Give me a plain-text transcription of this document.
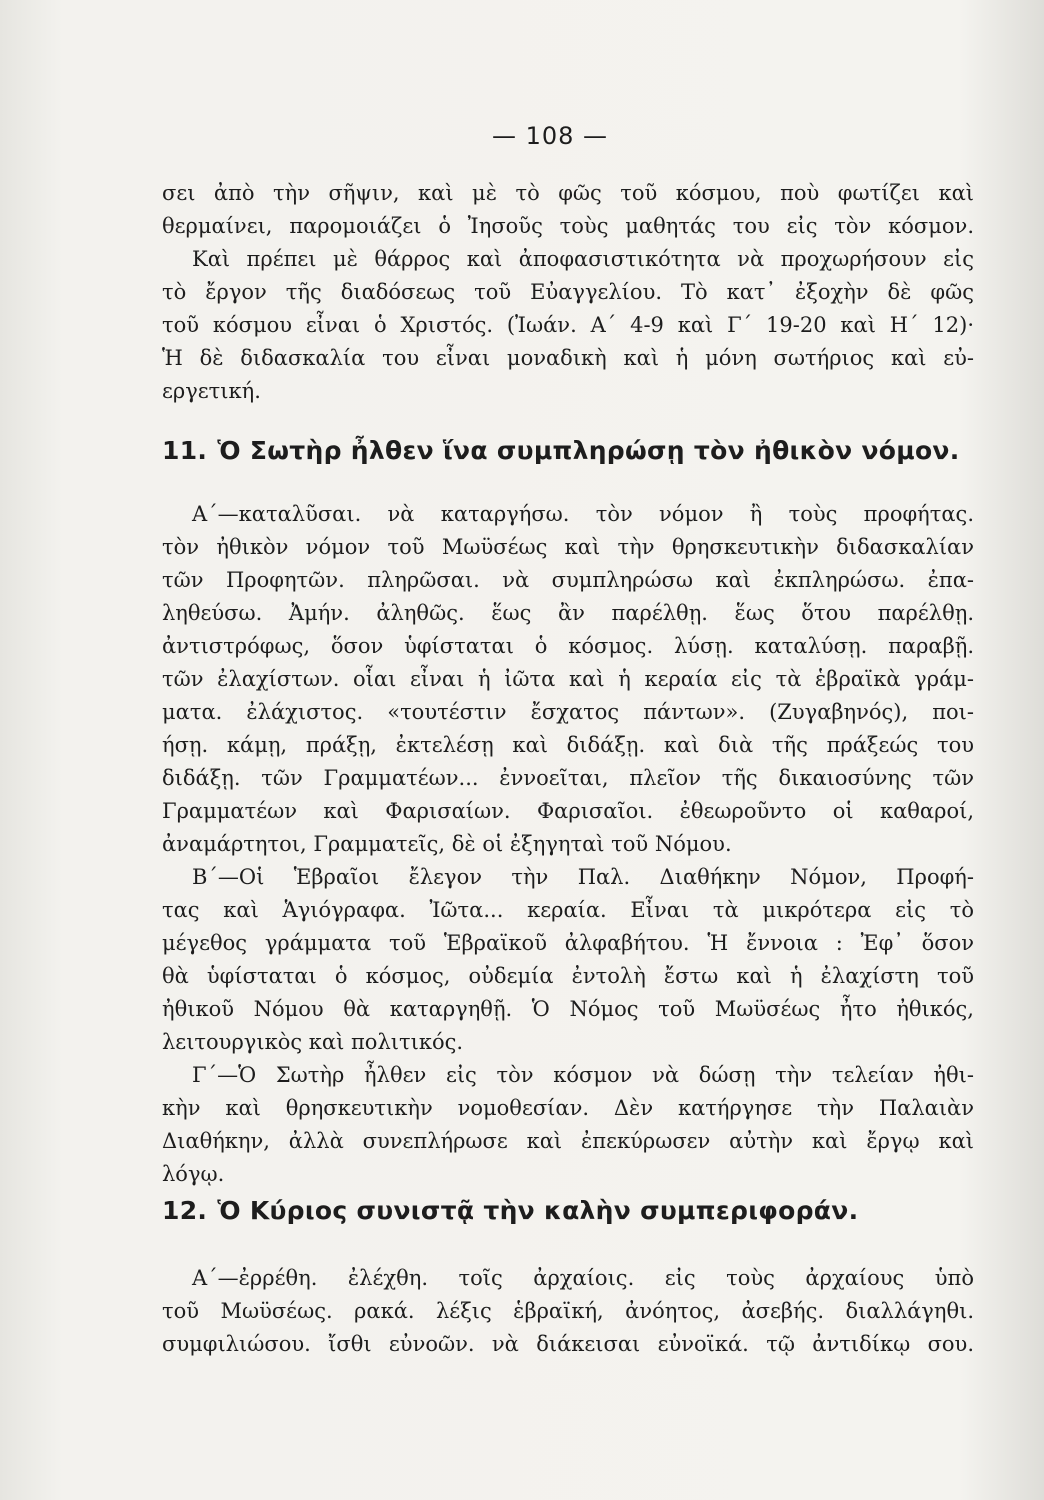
— 108 —
σει ἀπὸ τὴν σῆψιν, καὶ μὲ τὸ φῶς τοῦ κόσμου, ποὺ φωτίζει καὶ
θερμαίνει, παρομοιάζει ὁ Ἰησοῦς τοὺς μαθητάς του εἰς τὸν κόσμον.
Καὶ πρέπει μὲ θάρρος καὶ ἀποφασιστικότητα νὰ προχωρήσουν εἰς
τὸ ἔργον τῆς διαδόσεως τοῦ Εὐαγγελίου. Τὸ κατ᾽ ἐξοχὴν δὲ φῶς
τοῦ κόσμου εἶναι ὁ Χριστός. (Ἰωάν. Α΄ 4-9 καὶ Γ΄ 19-20 καὶ Η΄ 12)·
Ἡ δὲ διδασκαλία του εἶναι μοναδικὴ καὶ ἡ μόνη σωτήριος καὶ εὐ-
εργετική.
11. Ὁ Σωτὴρ ἦλθεν ἵνα συμπληρώσῃ τὸν ἠθικὸν νόμον.
Α΄—καταλῦσαι. νὰ καταργήσω. τὸν νόμον ἢ τοὺς προφήτας.
τὸν ἠθικὸν νόμον τοῦ Μωϋσέως καὶ τὴν θρησκευτικὴν διδασκαλίαν
τῶν Προφητῶν. πληρῶσαι. νὰ συμπληρώσω καὶ ἐκπληρώσω. ἐπα-
ληθεύσω. Ἀμήν. ἀληθῶς. ἕως ἂν παρέλθῃ. ἕως ὅτου παρέλθῃ.
ἀντιστρόφως, ὅσον ὑφίσταται ὁ κόσμος. λύσῃ. καταλύσῃ. παραβῇ.
τῶν ἐλαχίστων. οἷαι εἶναι ἡ ἰῶτα καὶ ἡ κεραία εἰς τὰ ἑβραϊκὰ γράμ-
ματα. ἐλάχιστος. «τουτέστιν ἔσχατος πάντων». (Ζυγαβηνός), ποι-
ήσῃ. κάμῃ, πράξῃ, ἐκτελέσῃ καὶ διδάξῃ. καὶ διὰ τῆς πράξεώς του
διδάξῃ. τῶν Γραμματέων... ἐννοεῖται, πλεῖον τῆς δικαιοσύνης τῶν
Γραμματέων καὶ Φαρισαίων. Φαρισαῖοι. ἐθεωροῦντο οἱ καθαροί,
ἀναμάρτητοι, Γραμματεῖς, δὲ οἱ ἐξηγηταὶ τοῦ Νόμου.
Β΄—Οἱ Ἑβραῖοι ἔλεγον τὴν Παλ. Διαθήκην Νόμον, Προφή-
τας καὶ Ἁγιόγραφα. Ἰῶτα... κεραία. Εἶναι τὰ μικρότερα εἰς τὸ
μέγεθος γράμματα τοῦ Ἑβραϊκοῦ ἀλφαβήτου. Ἡ ἔννοια : Ἐφ᾽ ὅσον
θὰ ὑφίσταται ὁ κόσμος, οὐδεμία ἐντολὴ ἔστω καὶ ἡ ἐλαχίστη τοῦ
ἠθικοῦ Νόμου θὰ καταργηθῇ. Ὁ Νόμος τοῦ Μωϋσέως ἦτο ἠθικός,
λειτουργικὸς καὶ πολιτικός.
Γ΄—Ὁ Σωτὴρ ἦλθεν εἰς τὸν κόσμον νὰ δώσῃ τὴν τελείαν ἠθι-
κὴν καὶ θρησκευτικὴν νομοθεσίαν. Δὲν κατήργησε τὴν Παλαιὰν
Διαθήκην, ἀλλὰ συνεπλήρωσε καὶ ἐπεκύρωσεν αὐτὴν καὶ ἔργῳ καὶ
λόγῳ.
12. Ὁ Κύριος συνιστᾷ τὴν καλὴν συμπεριφοράν.
Α΄—ἐρρέθη. ἐλέχθη. τοῖς ἀρχαίοις. εἰς τοὺς ἀρχαίους ὑπὸ
τοῦ Μωϋσέως. ρακά. λέξις ἑβραϊκή, ἀνόητος, ἀσεβής. διαλλάγηθι.
συμφιλιώσου. ἴσθι εὐνοῶν. νὰ διάκεισαι εὐνοϊκά. τῷ ἀντιδίκῳ σου.
